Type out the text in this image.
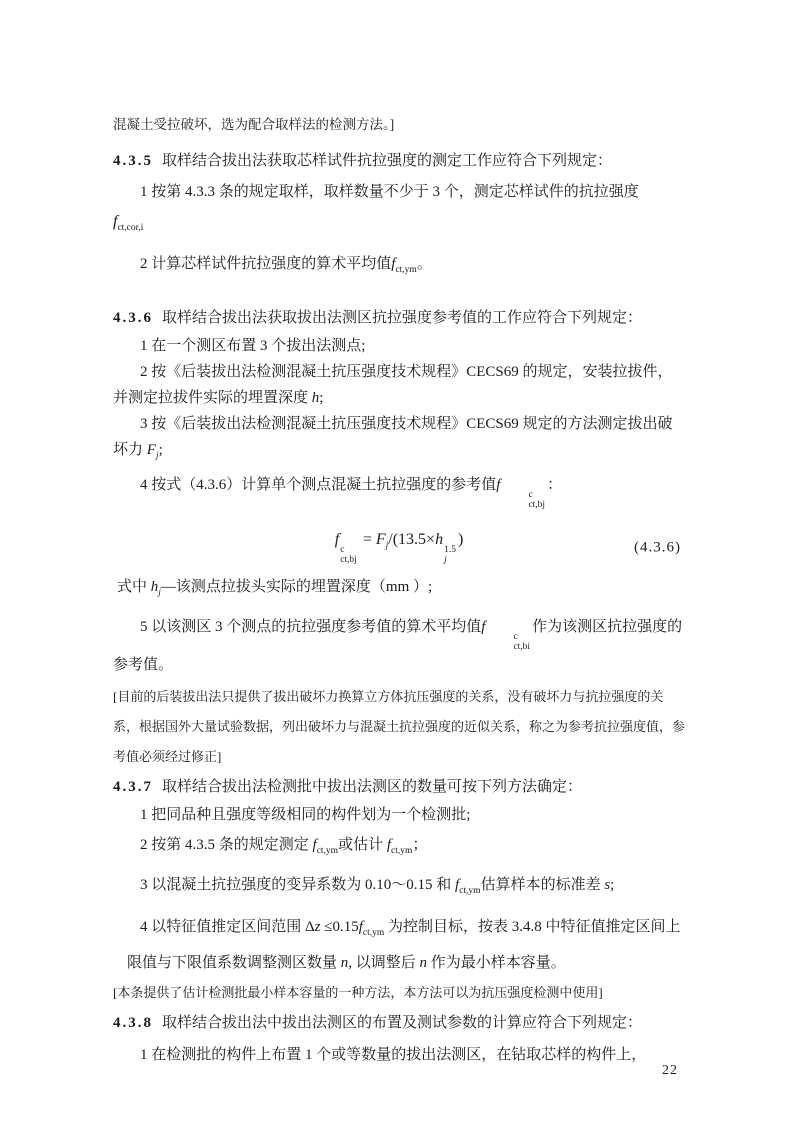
混凝土受拉破坏，选为配合取样法的检测方法。]

4.3.5 取样结合拔出法获取芯样试件抗拉强度的测定工作应符合下列规定：

1 按第 4.3.3 条的规定取样，取样数量不少于 3 个，测定芯样试件的抗拉强度

$f_{ct,cor,i}$

2 计算芯样试件抗拉强度的算术平均值$f_{ct,ym}$。

4.3.6 取样结合拔出法获取拔出法测区抗拉强度参考值的工作应符合下列规定：

1 在一个测区布置 3 个拔出法测点;

2 按《后装拔出法检测混凝土抗压强度技术规程》CECS69 的规定，安装拉拔件，并测定拉拔件实际的埋置深度 h;

3 按《后装拔出法检测混凝土抗压强度技术规程》CECS69 规定的方法测定拔出破坏力 $F_j$;

4 按式（4.3.6）计算单个测点混凝土抗拉强度的参考值f
c
ct,bj
：

f
c
ct,bj
= $F_j/(13.5\times h$
1.5
j
)	(4.3.6)

式中 $h_j—$该测点拉拔头实际的埋置深度（mm ）;

5 以该测区 3 个测点的抗拉强度参考值的算术平均值f
c
ct,bi
作为该测区抗拉强度的参考值。

[目前的后装拔出法只提供了拔出破坏力换算立方体抗压强度的关系，没有破坏力与抗拉强度的关系，根据国外大量试验数据，列出破坏力与混凝土抗拉强度的近似关系，称之为参考抗拉强度值，参考值必须经过修正]

4.3.7 取样结合拔出法检测批中拔出法测区的数量可按下列方法确定：

1 把同品种且强度等级相同的构件划为一个检测批;

2 按第 4.3.5 条的规定测定 $f_{ct,ym}$或估计 $f_{ct,ym}$；

3 以混凝土抗拉强度的变异系数为 0.10～0.15 和 $f_{ct,ym}$估算样本的标准差 s;

4 以特征值推定区间范围 $\Delta z \le 0.15f_{ct,ym}$ 为控制目标，按表 3.4.8 中特征值推定区间上限值与下限值系数调整测区数量 n, 以调整后 n 作为最小样本容量。

[本条提供了估计检测批最小样本容量的一种方法，本方法可以为抗压强度检测中使用]

4.3.8 取样结合拔出法中拔出法测区的布置及测试参数的计算应符合下列规定：

1 在检测批的构件上布置 1 个或等数量的拔出法测区，在钻取芯样的构件上，

22
